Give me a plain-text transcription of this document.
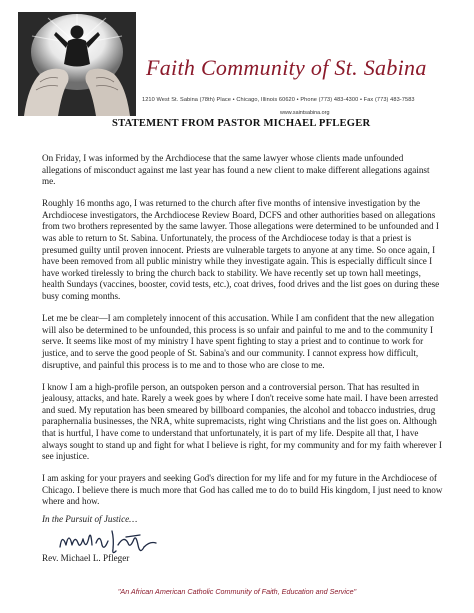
Faith Community of St. Sabina
1210 West St. Sabina (78th) Place • Chicago, Illinois 60620 • Phone (773) 483-4300 • Fax (773) 483-7583
www.saintsabina.org
STATEMENT FROM PASTOR MICHAEL PFLEGER

On Friday, I was informed by the Archdiocese that the same lawyer whose clients made unfounded allegations of misconduct against me last year has found a new client to make different allegations against me.

Roughly 16 months ago, I was returned to the church after five months of intensive investigation by the Archdiocese investigators, the Archdiocese Review Board, DCFS and other authorities based on allegations from two brothers represented by the same lawyer. Those allegations were determined to be unfounded and I was able to return to St. Sabina. Unfortunately, the process of the Archdiocese today is that a priest is presumed guilty until proven innocent. Priests are vulnerable targets to anyone at any time. So once again, I have been removed from all public ministry while they investigate again. This is especially difficult since I have worked tirelessly to bring the church back to stability. We have recently set up town hall meetings, health Sundays (vaccines, booster, covid tests, etc.), coat drives, food drives and the list goes on during these busy coming months.

Let me be clear—I am completely innocent of this accusation. While I am confident that the new allegation will also be determined to be unfounded, this process is so unfair and painful to me and to the community I serve. It seems like most of my ministry I have spent fighting to stay a priest and to continue to work for justice, and to serve the good people of St. Sabina's and our community. I cannot express how difficult, disruptive, and painful this process is to me and to those who are close to me.

I know I am a high-profile person, an outspoken person and a controversial person. That has resulted in jealousy, attacks, and hate. Rarely a week goes by where I don't receive some hate mail. I have been arrested and sued. My reputation has been smeared by billboard companies, the alcohol and tobacco industries, drug paraphernalia businesses, the NRA, white supremacists, right wing Christians and the list goes on. Although that is hurtful, I have come to understand that unfortunately, it is part of my life. Despite all that, I have always sought to stand up and fight for what I believe is right, for my community and for my faith wherever I see injustice.

I am asking for your prayers and seeking God's direction for my life and for my future in the Archdiocese of Chicago. I believe there is much more that God has called me to do to build His kingdom, I just need to know where and how.

In the Pursuit of Justice…
Rev. Michael L. Pfleger
"An African American Catholic Community of Faith, Education and Service"
